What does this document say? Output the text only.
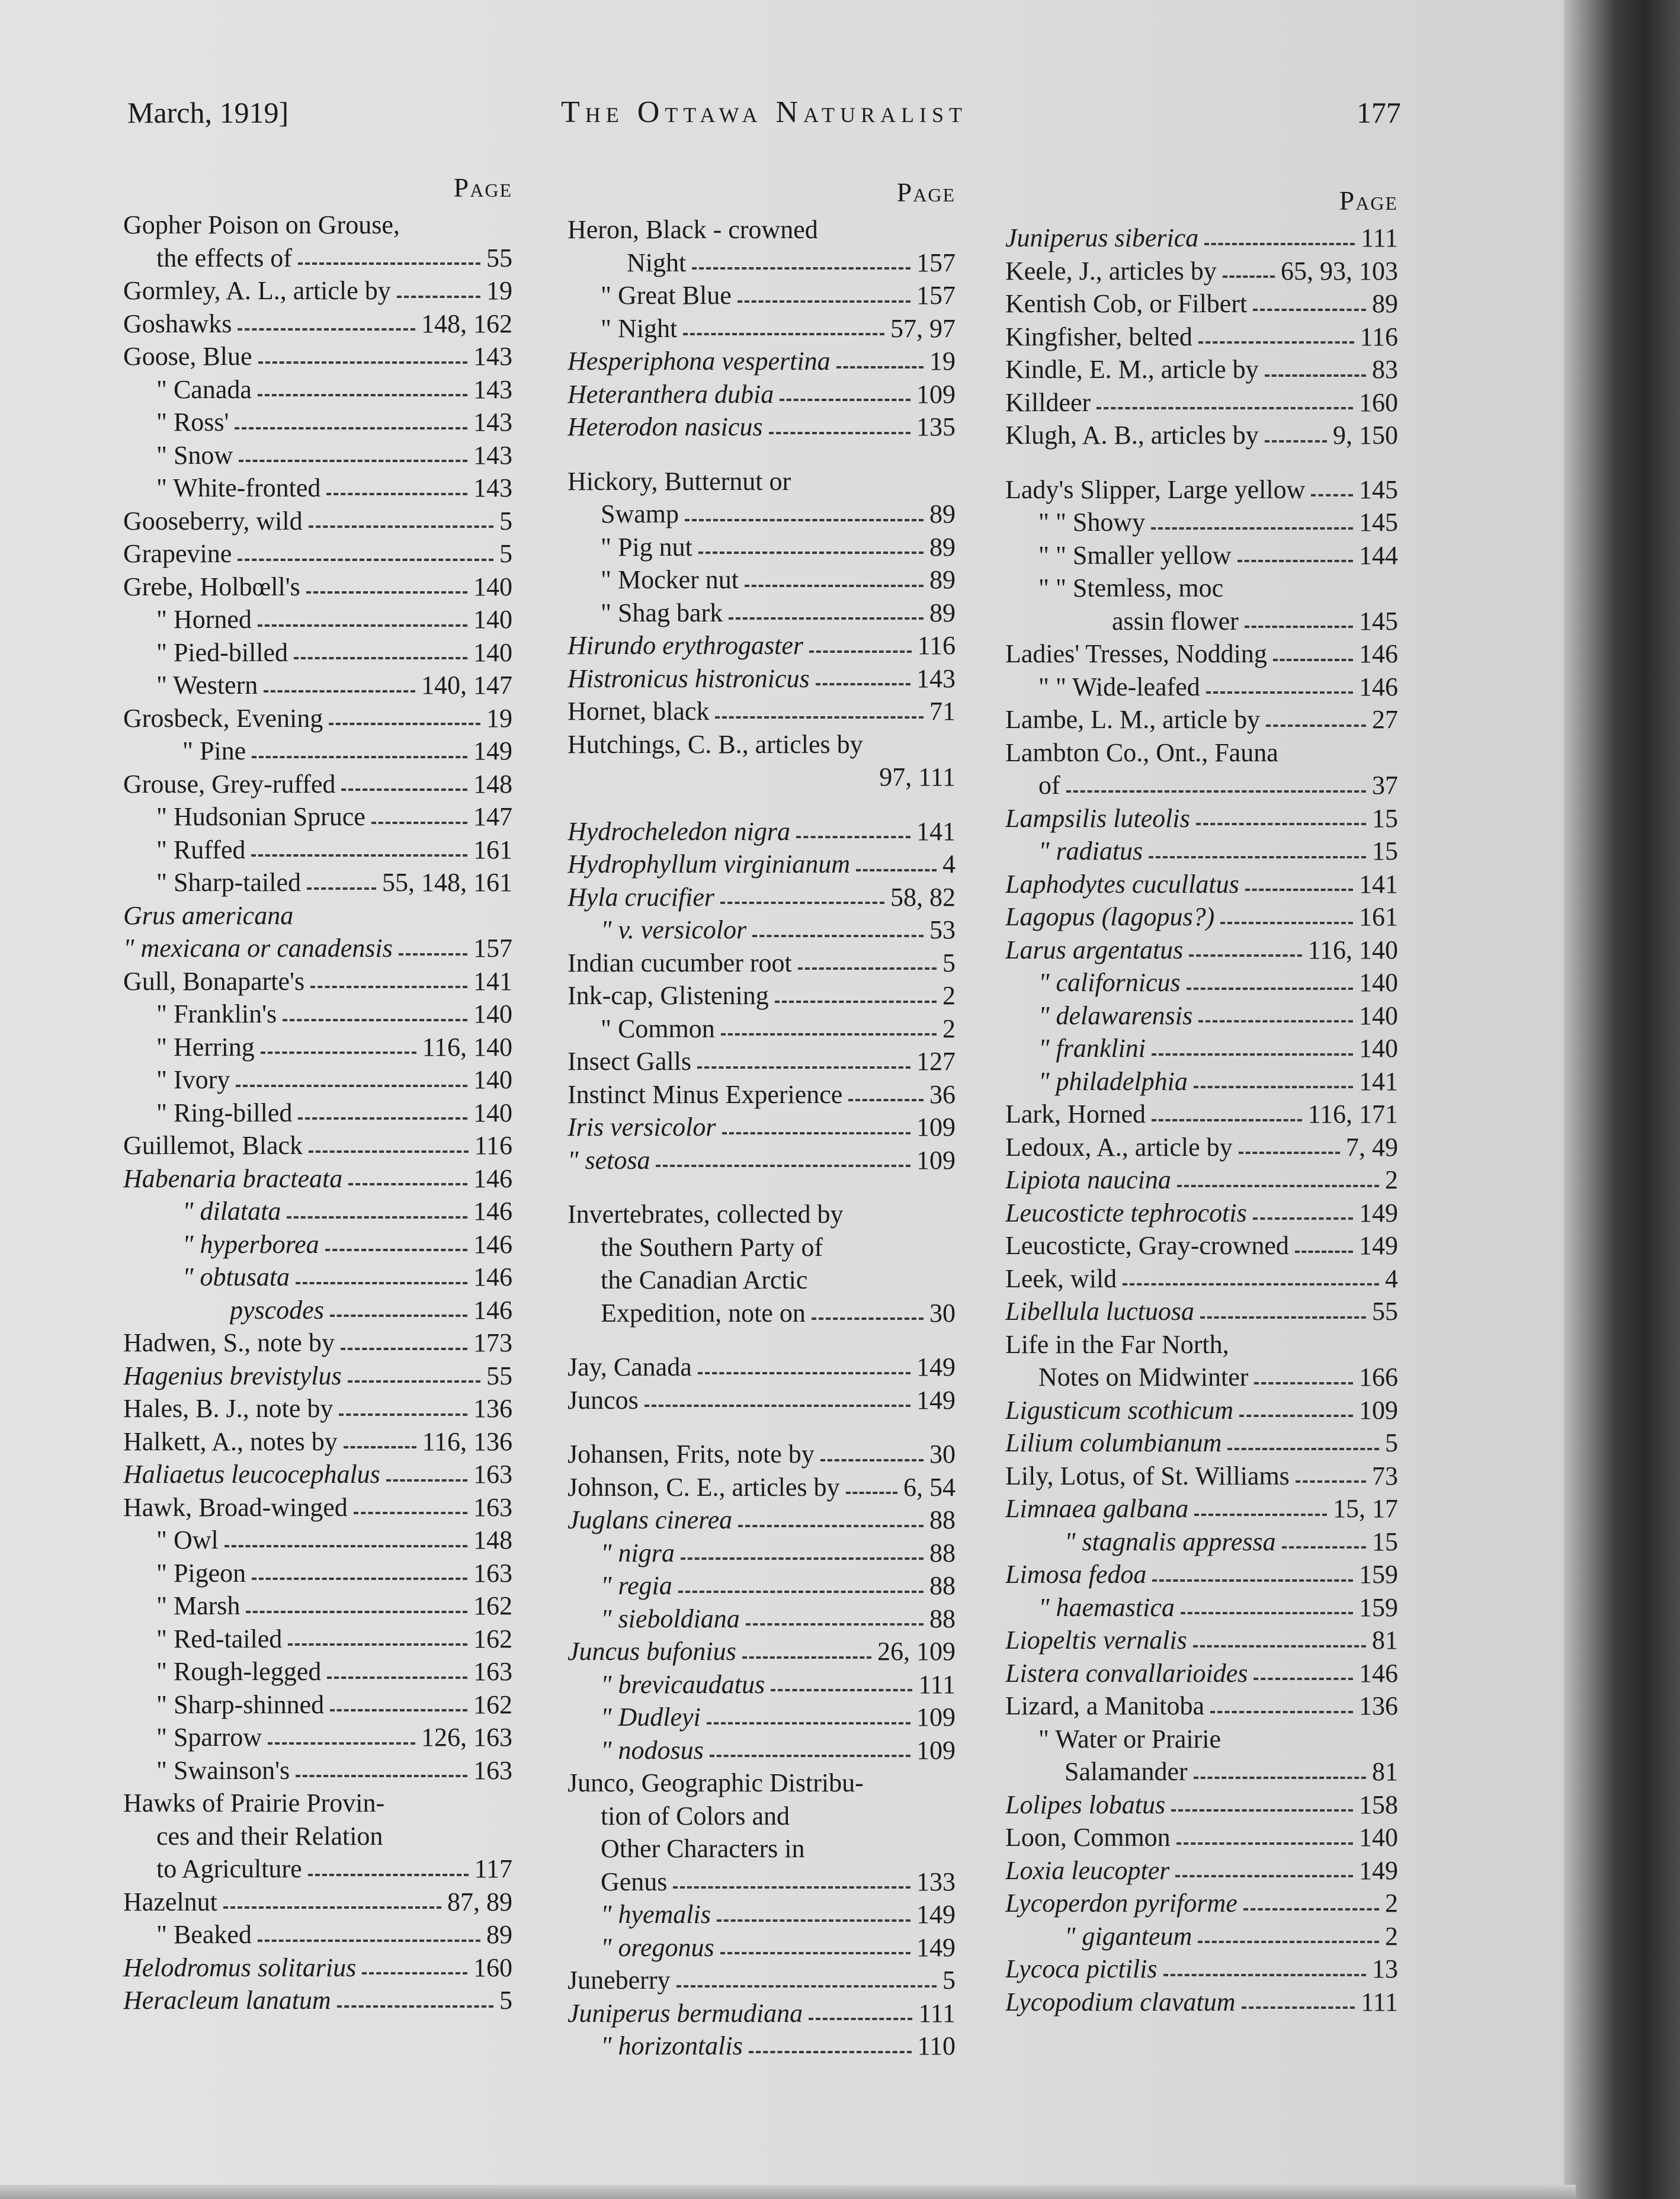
March, 1919]	The Ottawa Naturalist	177
Page
Gopher Poison on Grouse,
the effects of	55
Gormley, A. L., article by	19
Goshawks	148, 162
Goose, Blue	143
" Canada	143
" Ross'	143
" Snow	143
" White-fronted	143
Gooseberry, wild	5
Grapevine	5
Grebe, Holbœll's	140
" Horned	140
" Pied-billed	140
" Western	140, 147
Grosbeck, Evening	19
" Pine	149
Grouse, Grey-ruffed	148
" Hudsonian Spruce	147
" Ruffed	161
" Sharp-tailed	55, 148, 161
Grus americana
" mexicana or canadensis	157
Gull, Bonaparte's	141
" Franklin's	140
" Herring	116, 140
" Ivory	140
" Ring-billed	140
Guillemot, Black	116
Habenaria bracteata	146
" dilatata	146
" hyperborea	146
" obtusata	146
pyscodes	146
Hadwen, S., note by	173
Hagenius brevistylus	55
Hales, B. J., note by	136
Halkett, A., notes by	116, 136
Haliaetus leucocephalus	163
Hawk, Broad-winged	163
" Owl	148
" Pigeon	163
" Marsh	162
" Red-tailed	162
" Rough-legged	163
" Sharp-shinned	162
" Sparrow	126, 163
" Swainson's	163
Hawks of Prairie Provin-
ces and their Relation
to Agriculture	117
Hazelnut	87, 89
" Beaked	89
Helodromus solitarius	160
Heracleum lanatum	5
Page
Heron, Black - crowned
Night	157
" Great Blue	157
" Night	57, 97
Hesperiphona vespertina	19
Heteranthera dubia	109
Heterodon nasicus	135
Hickory, Butternut or
Swamp	89
" Pig nut	89
" Mocker nut	89
" Shag bark	89
Hirundo erythrogaster	116
Histronicus histronicus	143
Hornet, black	71
Hutchings, C. B., articles by
97, 111
Hydrocheledon nigra	141
Hydrophyllum virginianum	4
Hyla crucifier	58, 82
" v. versicolor	53
Indian cucumber root	5
Ink-cap, Glistening	2
" Common	2
Insect Galls	127
Instinct Minus Experience	36
Iris versicolor	109
" setosa	109
Invertebrates, collected by
the Southern Party of
the Canadian Arctic
Expedition, note on	30
Jay, Canada	149
Juncos	149
Johansen, Frits, note by	30
Johnson, C. E., articles by 6, 54
Juglans cinerea	88
" nigra	88
" regia	88
" sieboldiana	88
Juncus bufonius	26, 109
" brevicaudatus	111
" Dudleyi	109
" nodosus	109
Junco, Geographic Distribu-
tion of Colors and
Other Characters in
Genus	133
" hyemalis	149
" oregonus	149
Juneberry	5
Juniperus bermudiana	111
" horizontalis	110
Page
Juniperus siberica	111
Keele, J., articles by 65, 93, 103
Kentish Cob, or Filbert	89
Kingfisher, belted	116
Kindle, E. M., article by	83
Killdeer	160
Klugh, A. B., articles by	9, 150
Lady's Slipper, Large yellow 145
" " Showy	145
" " Smaller yellow	144
" " Stemless, moc
assin flower	145
Ladies' Tresses, Nodding	146
" " Wide-leafed	146
Lambe, L. M., article by	27
Lambton Co., Ont., Fauna
of	37
Lampsilis luteolis	15
" radiatus	15
Laphodytes cucullatus	141
Lagopus (lagopus?)	161
Larus argentatus	116, 140
" californicus	140
" delawarensis	140
" franklini	140
" philadelphia	141
Lark, Horned	116, 171
Ledoux, A., article by	7, 49
Lipiota naucina	2
Leucosticte tephrocotis	149
Leucosticte, Gray-crowned	149
Leek, wild	4
Libellula luctuosa	55
Life in the Far North,
Notes on Midwinter	166
Ligusticum scothicum	109
Lilium columbianum	5
Lily, Lotus, of St. Williams	73
Limnaea galbana	15, 17
" stagnalis appressa	15
Limosa fedoa	159
" haemastica	159
Liopeltis vernalis	81
Listera convallarioides	146
Lizard, a Manitoba	136
" Water or Prairie
Salamander	81
Lolipes lobatus	158
Loon, Common	140
Loxia leucopter	149
Lycoperdon pyriforme	2
" giganteum	2
Lycoca pictilis	13
Lycopodium clavatum	111
